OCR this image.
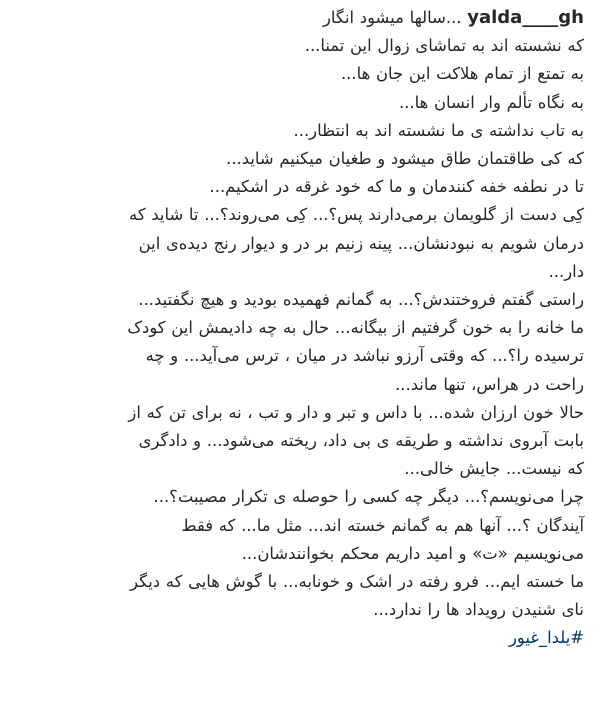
yalda____gh ...سالها میشود انگار
که نشسته اند به تماشای زوال این تمنا...
به تمتع از تمام هلاکت این جان ها...
به نگاه تألم وار انسان ها...
به تاب نداشته ی ما نشسته اند به انتظار...
که کی طاقتمان طاق میشود و طغیان میکنیم شاید...
تا در نطفه خفه کنندمان و ما که خود غرقه در اشکیم...
کِی دست از گلویمان برمی‌دارند پس؟... کِی می‌روند؟... تا شاید که
درمان شویم به نبودنشان... پینه زنیم بر در و دیوار رنج دیده‌ی این
دار...
راستی گفتم فروختندش؟... به گمانم فهمیده بودید و هیچ نگفتید...
ما خانه را به خون گرفتیم از بیگانه... حال به چه دادیمش این کودک
ترسیده را؟... که وقتی آرزو نباشد در میان ، ترس می‌آید... و چه
راحت در هراس، تنها ماند...
حالا خون ارزان شده... با داس و تبر و دار و تب ، نه برای تن که از
بابت آبروی نداشته و طریقه ی بی داد، ریخته می‌شود... و دادگری
که نیست... جایش خالی...
چرا می‌نویسم؟... دیگر چه کسی را حوصله ی تکرار مصیبت؟...
آیندگان ؟... آنها هم به گمانم خسته اند... مثل ما... که فقط
می‌نویسیم «ت» و امید داریم محکم بخوانندشان...
ما خسته ایم... فرو رفته در اشک و خونابه... با گوش هایی که دیگر
نای شنیدن رویداد ها را ندارد...
#یلدا_غیور
